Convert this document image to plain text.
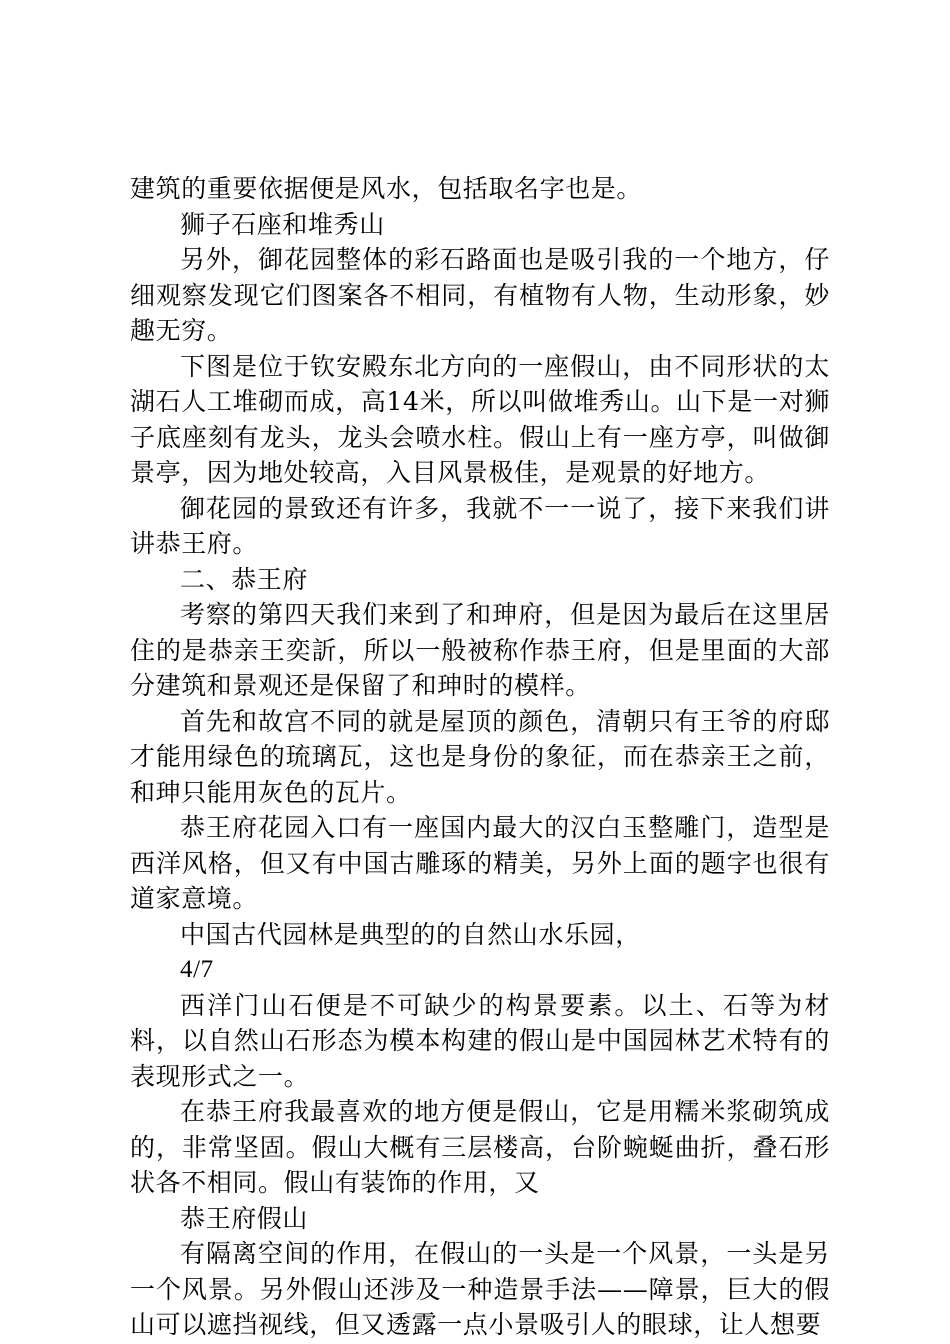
建筑的重要依据便是风水，包括取名字也是。

狮子石座和堆秀山

另外，御花园整体的彩石路面也是吸引我的一个地方，仔细观察发现它们图案各不相同，有植物有人物，生动形象，妙趣无穷。

下图是位于钦安殿东北方向的一座假山，由不同形状的太湖石人工堆砌而成，高14米，所以叫做堆秀山。山下是一对狮子底座刻有龙头，龙头会喷水柱。假山上有一座方亭，叫做御景亭，因为地处较高，入目风景极佳，是观景的好地方。

御花园的景致还有许多，我就不一一说了，接下来我们讲讲恭王府。

二、恭王府

考察的第四天我们来到了和珅府，但是因为最后在这里居住的是恭亲王奕訢，所以一般被称作恭王府，但是里面的大部分建筑和景观还是保留了和珅时的模样。

首先和故宫不同的就是屋顶的颜色，清朝只有王爷的府邸才能用绿色的琉璃瓦，这也是身份的象征，而在恭亲王之前，和珅只能用灰色的瓦片。

恭王府花园入口有一座国内最大的汉白玉整雕门，造型是西洋风格，但又有中国古雕琢的精美，另外上面的题字也很有道家意境。

中国古代园林是典型的的自然山水乐园，

4/7

西洋门山石便是不可缺少的构景要素。以土、石等为材料，以自然山石形态为模本构建的假山是中国园林艺术特有的表现形式之一。

在恭王府我最喜欢的地方便是假山，它是用糯米浆砌筑成的，非常坚固。假山大概有三层楼高，台阶蜿蜒曲折，叠石形状各不相同。假山有装饰的作用，又

恭王府假山

有隔离空间的作用，在假山的一头是一个风景，一头是另一个风景。另外假山还涉及一种造景手法——障景，巨大的假山可以遮挡视线，但又透露一点小景吸引人的眼球，让人想要
